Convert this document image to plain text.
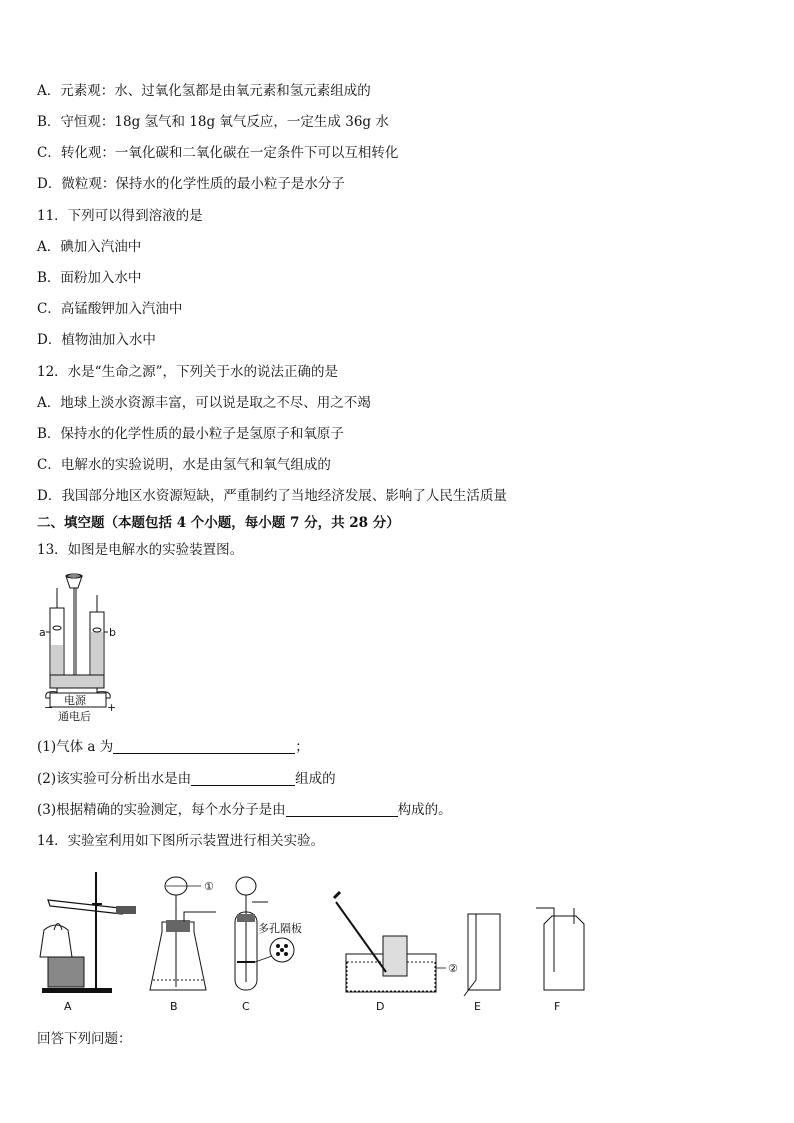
A．元素观：水、过氧化氢都是由氧元素和氢元素组成的
B．守恒观：18g 氢气和 18g 氧气反应，一定生成 36g 水
C．转化观：一氧化碳和二氧化碳在一定条件下可以互相转化
D．微粒观：保持水的化学性质的最小粒子是水分子
11．下列可以得到溶液的是
A．碘加入汽油中
B．面粉加入水中
C．高锰酸钾加入汽油中
D．植物油加入水中
12．水是“生命之源”，下列关于水的说法正确的是
A．地球上淡水资源丰富，可以说是取之不尽、用之不竭
B．保持水的化学性质的最小粒子是氢原子和氧原子
C．电解水的实验说明，水是由氢气和氧气组成的
D．我国部分地区水资源短缺，严重制约了当地经济发展、影响了人民生活质量
二、填空题（本题包括 4 个小题，每小题 7 分，共 28 分）
13．如图是电解水的实验装置图。
a	b
电源
−	+
通电后
(1)气体 a 为	；
(2)该实验可分析出水是由	组成的
(3)根据精确的实验测定，每个水分子是由	构成的。
14．实验室利用如下图所示装置进行相关实验。
A	B	C	D	E	F
①
②
多孔隔板
回答下列问题：
